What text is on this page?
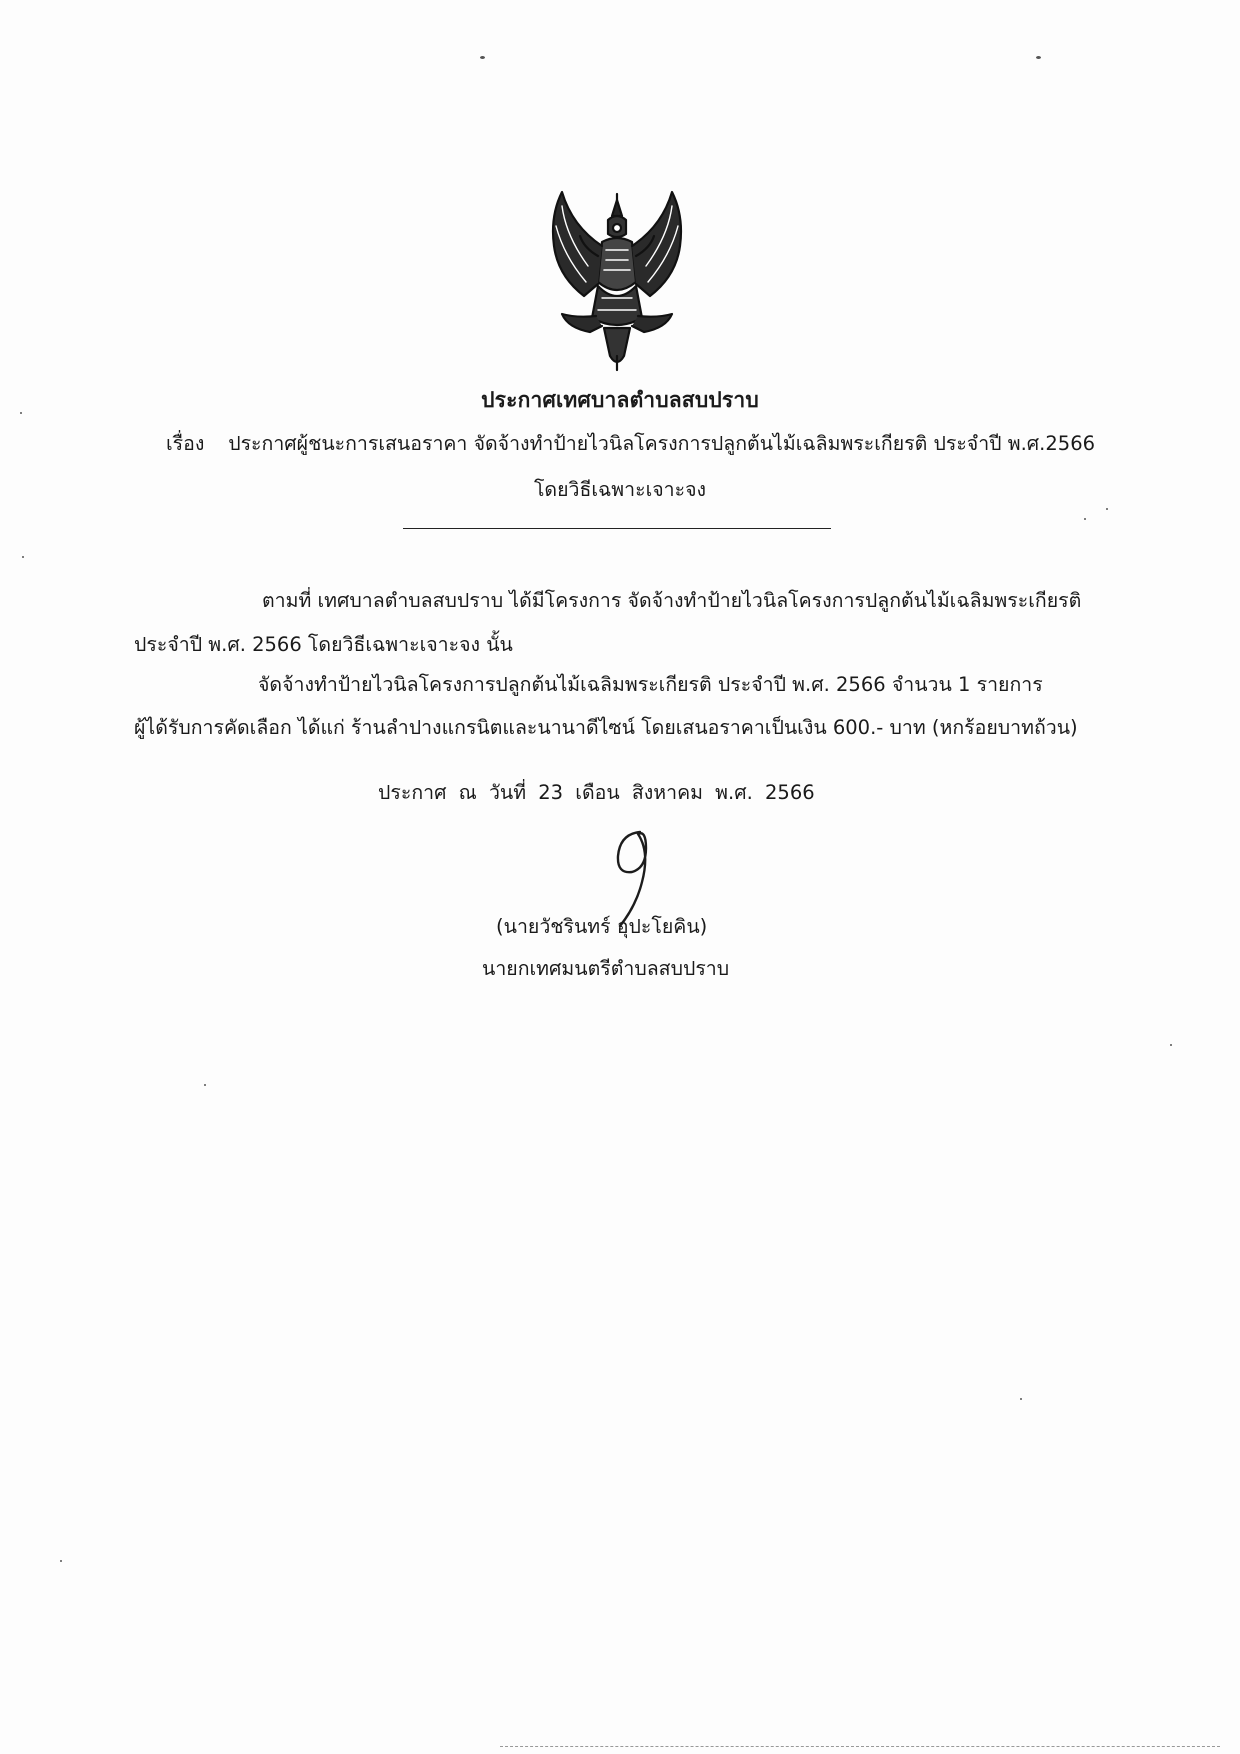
ประกาศเทศบาลตำบลสบปราบ
เรื่อง ประกาศผู้ชนะการเสนอราคา จัดจ้างทำป้ายไวนิลโครงการปลูกต้นไม้เฉลิมพระเกียรติ ประจำปี พ.ศ.2566
โดยวิธีเฉพาะเจาะจง
ตามที่ เทศบาลตำบลสบปราบ ได้มีโครงการ จัดจ้างทำป้ายไวนิลโครงการปลูกต้นไม้เฉลิมพระเกียรติ
ประจำปี พ.ศ. 2566 โดยวิธีเฉพาะเจาะจง นั้น
จัดจ้างทำป้ายไวนิลโครงการปลูกต้นไม้เฉลิมพระเกียรติ ประจำปี พ.ศ. 2566 จำนวน 1 รายการ
ผู้ได้รับการคัดเลือก ได้แก่ ร้านลำปางแกรนิตและนานาดีไซน์ โดยเสนอราคาเป็นเงิน 600.- บาท (หกร้อยบาทถ้วน)
ประกาศ ณ วันที่ 23 เดือน สิงหาคม พ.ศ. 2566
(นายวัชรินทร์ อุปะโยคิน)
นายกเทศมนตรีตำบลสบปราบ
